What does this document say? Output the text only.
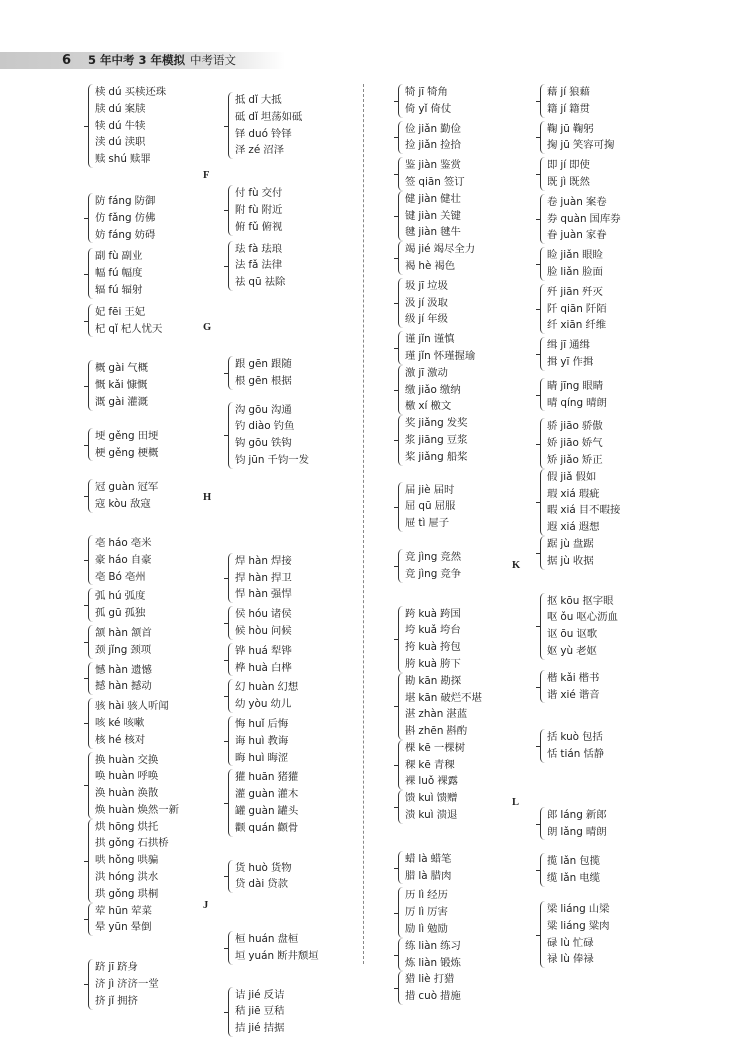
6 5 年中考 3 年模拟 中考语文
椟 dú 买椟还珠
牍 dú 案牍
犊 dú 牛犊
渎 dú 渎职
赎 shú 赎罪
防 fáng 防御
仿 fǎng 仿佛
妨 fáng 妨碍
副 fù 副业
幅 fú 幅度
辐 fú 辐射
妃 fēi 王妃
杞 qǐ 杞人忧天
概 gài 气概
慨 kǎi 慷慨
溉 gài 灌溉
埂 gěng 田埂
梗 gěng 梗概
冠 guàn 冠军
寇 kòu 敌寇
亳 háo 亳米
豪 háo 自豪
亳 Bó 亳州
弧 hú 弧度
孤 gū 孤独
颔 hàn 颔首
颈 jǐng 颈项
憾 hàn 遗憾
撼 hàn 撼动
骇 hài 骇人听闻
咳 ké 咳嗽
核 hé 核对
换 huàn 交换
唤 huàn 呼唤
涣 huàn 涣散
焕 huàn 焕然一新
烘 hōng 烘托
拱 gǒng 石拱桥
哄 hǒng 哄骗
洪 hóng 洪水
珙 gǒng 珙桐
荤 hūn 荤菜
晕 yūn 晕倒
跻 jī 跻身
济 jì 济济一堂
挤 jǐ 拥挤
抵 dǐ 大抵
砥 dǐ 坦荡如砥
铎 duó 铃铎
泽 zé 沼泽
付 fù 交付
附 fù 附近
俯 fǔ 俯视
珐 fà 珐琅
法 fǎ 法律
祛 qū 祛除
跟 gēn 跟随
根 gēn 根据
沟 gōu 沟通
钓 diào 钓鱼
钩 gōu 铁钩
钧 jūn 千钧一发
焊 hàn 焊接
捍 hàn 捍卫
悍 hàn 强悍
侯 hóu 诸侯
候 hòu 问候
铧 huá 犁铧
桦 huà 白桦
幻 huàn 幻想
幼 yòu 幼儿
悔 huǐ 后悔
诲 huì 教诲
晦 huì 晦涩
獾 huān 猪獾
灌 guàn 灌木
罐 guàn 罐头
颧 quán 颧骨
货 huò 货物
贷 dài 贷款
桓 huán 盘桓
垣 yuán 断井颓垣
诘 jié 反诘
秸 jiē 豆秸
拮 jié 拮据
犄 jī 犄角
倚 yǐ 倚仗
俭 jiǎn 勤俭
捡 jiǎn 捡拾
鉴 jiàn 鉴赏
签 qiān 签订
健 jiàn 健壮
键 jiàn 关键
毽 jiàn 毽牛
竭 jié 竭尽全力
褐 hè 褐色
圾 jī 垃圾
汲 jí 汲取
级 jí 年级
谨 jǐn 谨慎
瑾 jǐn 怀瑾握瑜
激 jī 激动
缴 jiǎo 缴纳
檄 xí 檄文
奖 jiǎng 发奖
浆 jiāng 豆浆
桨 jiǎng 船桨
届 jiè 届时
屈 qū 屈服
屉 tì 屉子
竞 jìng 竞然
竞 jìng 竞争
跨 kuà 跨国
垮 kuǎ 垮台
挎 kuà 挎包
胯 kuà 胯下
勘 kān 勘探
堪 kān 破烂不堪
湛 zhàn 湛蓝
斟 zhēn 斟酌
棵 kē 一棵树
稞 kē 青稞
裸 luǒ 裸露
馈 kuì 馈赠
溃 kuì 溃退
蜡 là 蜡笔
腊 là 腊肉
历 lì 经历
厉 lì 厉害
励 lì 勉励
练 liàn 练习
炼 liàn 锻炼
猎 liè 打猎
措 cuò 措施
藉 jí 狼藉
籍 jí 籍贯
鞠 jū 鞠躬
掬 jū 笑容可掬
即 jí 即使
既 jì 既然
卷 juàn 案卷
券 quàn 国库券
眷 juàn 家眷
睑 jiǎn 眼睑
脸 liǎn 脸面
歼 jiān 歼灭
阡 qiān 阡陌
纤 xiān 纤维
缉 jī 通缉
揖 yī 作揖
睛 jīng 眼睛
晴 qíng 晴朗
骄 jiāo 骄傲
娇 jiāo 娇气
矫 jiǎo 矫正
假 jiǎ 假如
瑕 xiá 瑕疵
暇 xiá 目不暇接
遐 xiá 遐想
踞 jù 盘踞
据 jù 收据
抠 kōu 抠字眼
呕 ǒu 呕心沥血
讴 ōu 讴歌
妪 yù 老妪
楷 kǎi 楷书
谐 xié 谐音
括 kuò 包括
恬 tián 恬静
郎 láng 新郎
朗 lǎng 晴朗
揽 lǎn 包揽
缆 lǎn 电缆
梁 liáng 山梁
粱 liáng 粱肉
碌 lù 忙碌
禄 lù 俸禄
F
G
H
J
K
L
